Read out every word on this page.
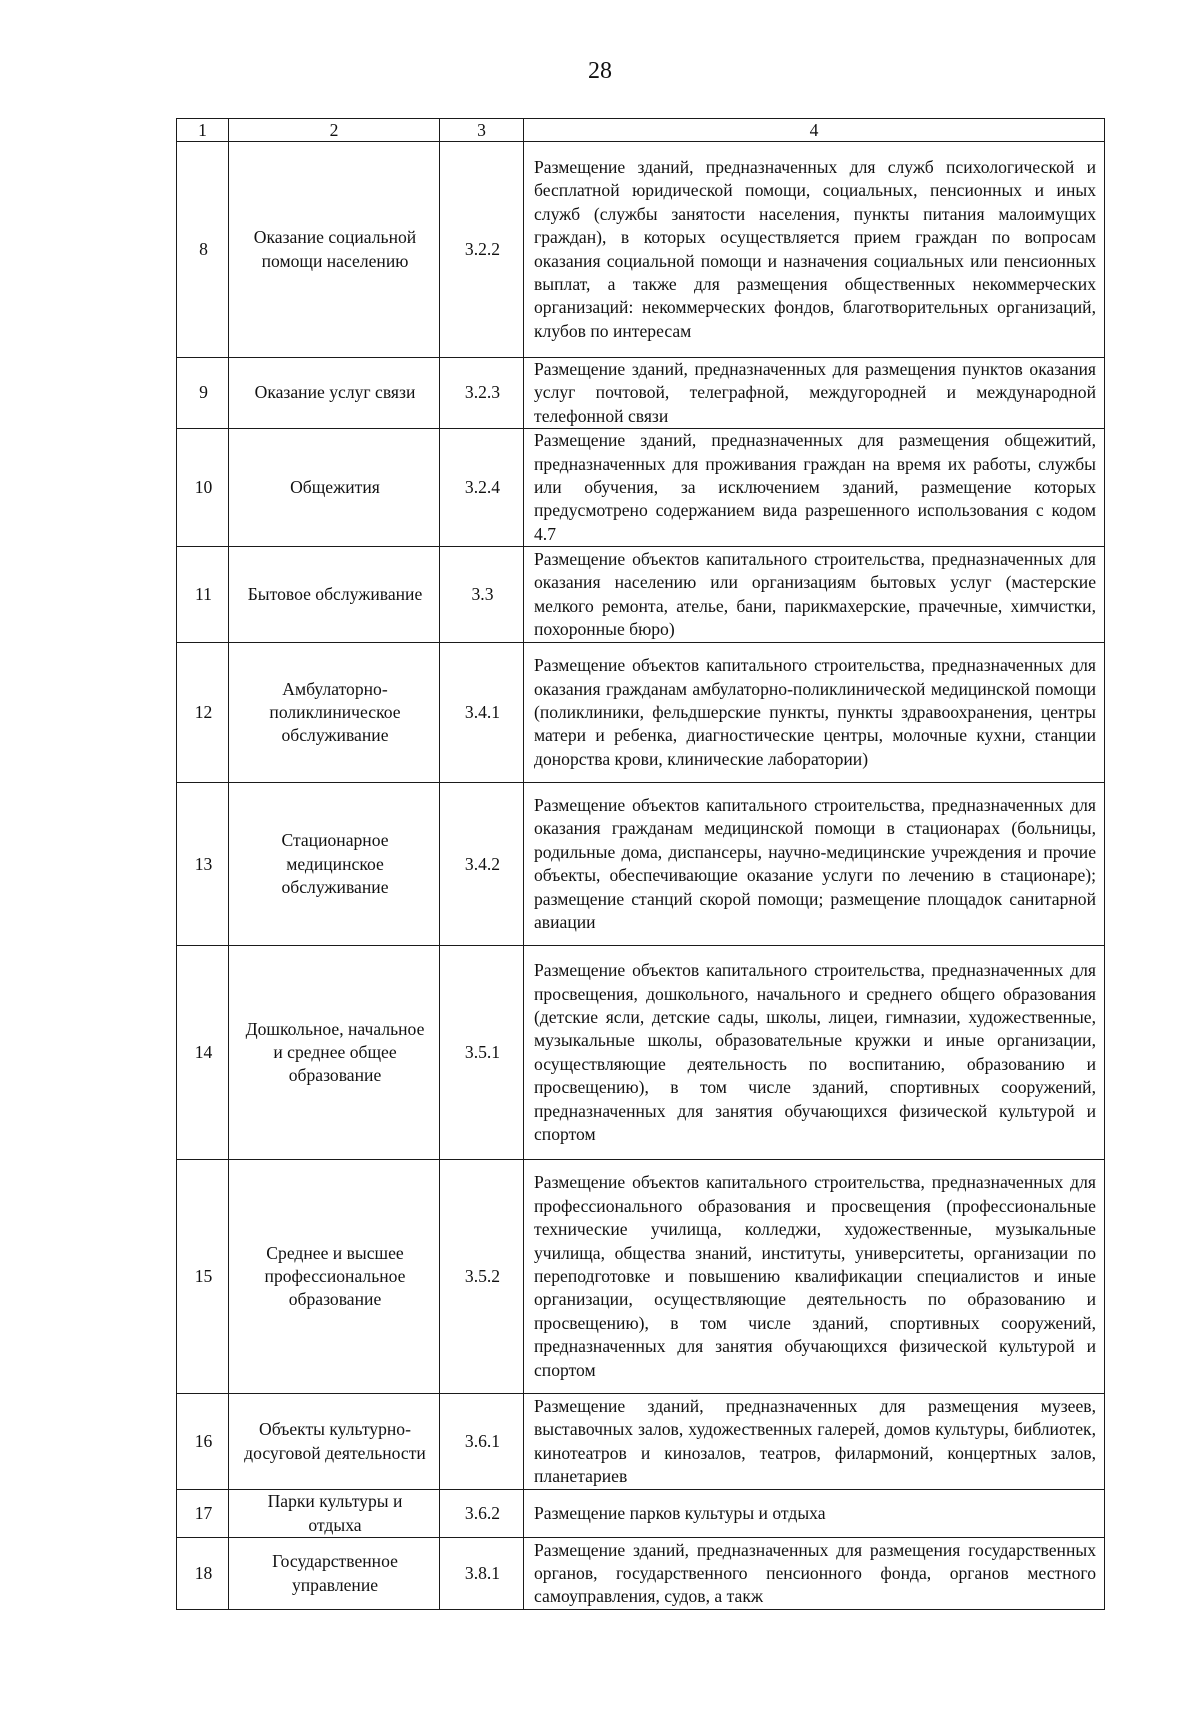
28
1	2	3	4
8	Оказание социальной помощи населению	3.2.2	Размещение зданий, предназначенных для служб психологической и бесплатной юридической помощи, социальных, пенсионных и иных служб (службы занятости населения, пункты питания малоимущих граждан), в которых осуществляется прием граждан по вопросам оказания социальной помощи и назначения социальных или пенсионных выплат, а также для размещения общественных некоммерческих организаций: некоммерческих фондов, благотворительных организаций, клубов по интересам
9	Оказание услуг связи	3.2.3	Размещение зданий, предназначенных для размещения пунктов оказания услуг почтовой, телеграфной, междугородней и международной телефонной связи
10	Общежития	3.2.4	Размещение зданий, предназначенных для размещения общежитий, предназначенных для проживания граждан на время их работы, службы или обучения, за исключением зданий, размещение которых предусмотрено содержанием вида разрешенного использования с кодом 4.7
11	Бытовое обслуживание	3.3	Размещение объектов капитального строительства, предназначенных для оказания населению или организациям бытовых услуг (мастерские мелкого ремонта, ателье, бани, парикмахерские, прачечные, химчистки, похоронные бюро)
12	Амбулаторно-поликлиническое обслуживание	3.4.1	Размещение объектов капитального строительства, предназначенных для оказания гражданам амбулаторно-поликлинической медицинской помощи (поликлиники, фельдшерские пункты, пункты здравоохранения, центры матери и ребенка, диагностические центры, молочные кухни, станции донорства крови, клинические лаборатории)
13	Стационарное медицинское обслуживание	3.4.2	Размещение объектов капитального строительства, предназначенных для оказания гражданам медицинской помощи в стационарах (больницы, родильные дома, диспансеры, научно-медицинские учреждения и прочие объекты, обеспечивающие оказание услуги по лечению в стационаре); размещение станций скорой помощи; размещение площадок санитарной авиации
14	Дошкольное, начальное и среднее общее образование	3.5.1	Размещение объектов капитального строительства, предназначенных для просвещения, дошкольного, начального и среднего общего образования (детские ясли, детские сады, школы, лицеи, гимназии, художественные, музыкальные школы, образовательные кружки и иные организации, осуществляющие деятельность по воспитанию, образованию и просвещению), в том числе зданий, спортивных сооружений, предназначенных для занятия обучающихся физической культурой и спортом
15	Среднее и высшее профессиональное образование	3.5.2	Размещение объектов капитального строительства, предназначенных для профессионального образования и просвещения (профессиональные технические училища, колледжи, художественные, музыкальные училища, общества знаний, институты, университеты, организации по переподготовке и повышению квалификации специалистов и иные организации, осуществляющие деятельность по образованию и просвещению), в том числе зданий, спортивных сооружений, предназначенных для занятия обучающихся физической культурой и спортом
16	Объекты культурно-досуговой деятельности	3.6.1	Размещение зданий, предназначенных для размещения музеев, выставочных залов, художественных галерей, домов культуры, библиотек, кинотеатров и кинозалов, театров, филармоний, концертных залов, планетариев
17	Парки культуры и отдыха	3.6.2	Размещение парков культуры и отдыха
18	Государственное управление	3.8.1	Размещение зданий, предназначенных для размещения государственных органов, государственного пенсионного фонда, органов местного самоуправления, судов, а такж
